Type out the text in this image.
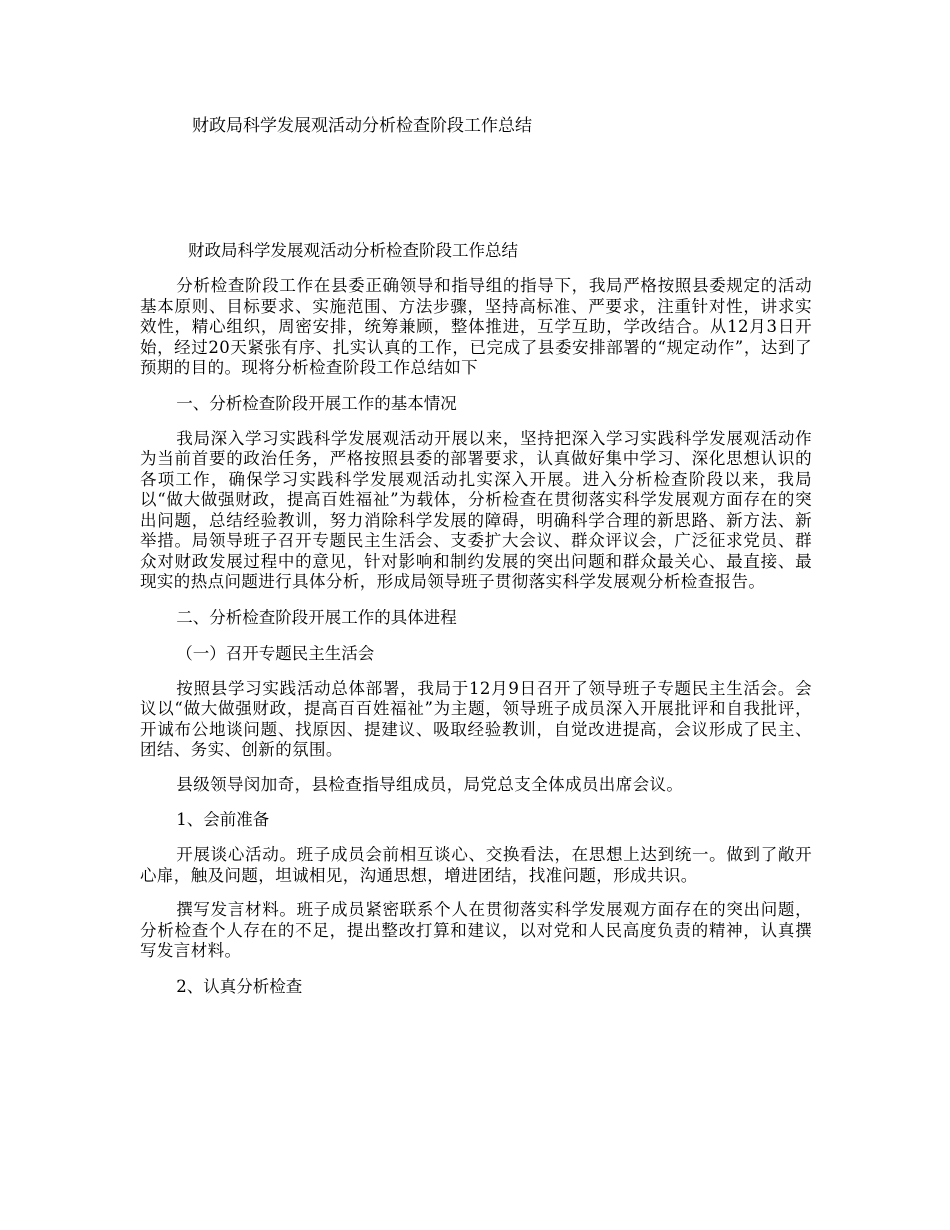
财政局科学发展观活动分析检查阶段工作总结

财政局科学发展观活动分析检查阶段工作总结

分析检查阶段工作在县委正确领导和指导组的指导下，我局严格按照县委规定的活动基本原则、目标要求、实施范围、方法步骤，坚持高标准、严要求，注重针对性，讲求实效性，精心组织，周密安排，统筹兼顾，整体推进，互学互助，学改结合。从12月3日开始，经过20天紧张有序、扎实认真的工作，已完成了县委安排部署的“规定动作”，达到了预期的目的。现将分析检查阶段工作总结如下

一、分析检查阶段开展工作的基本情况

我局深入学习实践科学发展观活动开展以来，坚持把深入学习实践科学发展观活动作为当前首要的政治任务，严格按照县委的部署要求，认真做好集中学习、深化思想认识的各项工作，确保学习实践科学发展观活动扎实深入开展。进入分析检查阶段以来，我局以“做大做强财政，提高百姓福祉”为载体，分析检查在贯彻落实科学发展观方面存在的突出问题，总结经验教训，努力消除科学发展的障碍，明确科学合理的新思路、新方法、新举措。局领导班子召开专题民主生活会、支委扩大会议、群众评议会，广泛征求党员、群众对财政发展过程中的意见，针对影响和制约发展的突出问题和群众最关心、最直接、最现实的热点问题进行具体分析，形成局领导班子贯彻落实科学发展观分析检查报告。

二、分析检查阶段开展工作的具体进程

（一）召开专题民主生活会

按照县学习实践活动总体部署，我局于12月9日召开了领导班子专题民主生活会。会议以“做大做强财政，提高百百姓福祉”为主题，领导班子成员深入开展批评和自我批评，开诚布公地谈问题、找原因、提建议、吸取经验教训，自觉改进提高，会议形成了民主、团结、务实、创新的氛围。

县级领导闵加奇，县检查指导组成员，局党总支全体成员出席会议。

1、会前准备

开展谈心活动。班子成员会前相互谈心、交换看法，在思想上达到统一。做到了敞开心扉，触及问题，坦诚相见，沟通思想，增进团结，找准问题，形成共识。

撰写发言材料。班子成员紧密联系个人在贯彻落实科学发展观方面存在的突出问题，分析检查个人存在的不足，提出整改打算和建议，以对党和人民高度负责的精神，认真撰写发言材料。

2、认真分析检查
